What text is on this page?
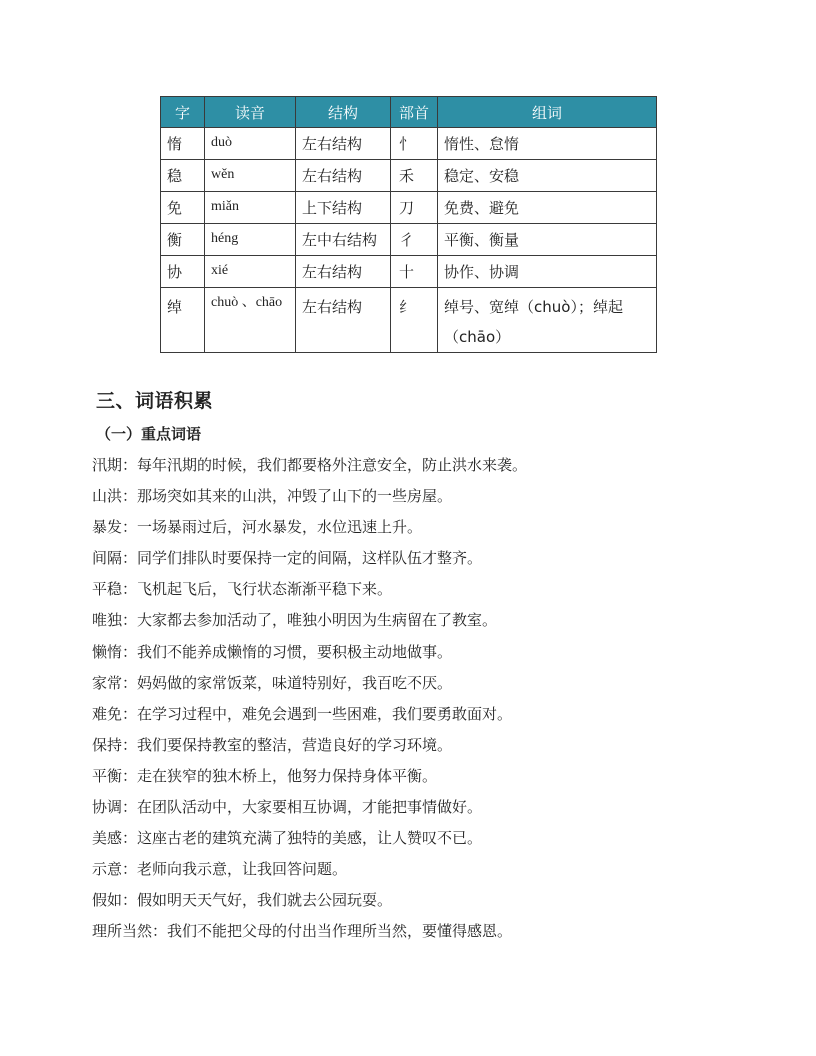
字	读音	结构	部首	组词
惰	duò	左右结构	忄	惰性、怠惰
稳	wěn	左右结构	禾	稳定、安稳
免	miǎn	上下结构	刀	免费、避免
衡	héng	左中右结构	彳	平衡、衡量
协	xié	左右结构	十	协作、协调
绰	chuò 、chāo	左右结构	纟	绰号、宽绰（chuò）；绰起（chāo）
三、词语积累
（一）重点词语
汛期：每年汛期的时候，我们都要格外注意安全，防止洪水来袭。
山洪：那场突如其来的山洪，冲毁了山下的一些房屋。
暴发：一场暴雨过后，河水暴发，水位迅速上升。
间隔：同学们排队时要保持一定的间隔，这样队伍才整齐。
平稳：飞机起飞后，飞行状态渐渐平稳下来。
唯独：大家都去参加活动了，唯独小明因为生病留在了教室。
懒惰：我们不能养成懒惰的习惯，要积极主动地做事。
家常：妈妈做的家常饭菜，味道特别好，我百吃不厌。
难免：在学习过程中，难免会遇到一些困难，我们要勇敢面对。
保持：我们要保持教室的整洁，营造良好的学习环境。
平衡：走在狭窄的独木桥上，他努力保持身体平衡。
协调：在团队活动中，大家要相互协调，才能把事情做好。
美感：这座古老的建筑充满了独特的美感，让人赞叹不已。
示意：老师向我示意，让我回答问题。
假如：假如明天天气好，我们就去公园玩耍。
理所当然：我们不能把父母的付出当作理所当然，要懂得感恩。
